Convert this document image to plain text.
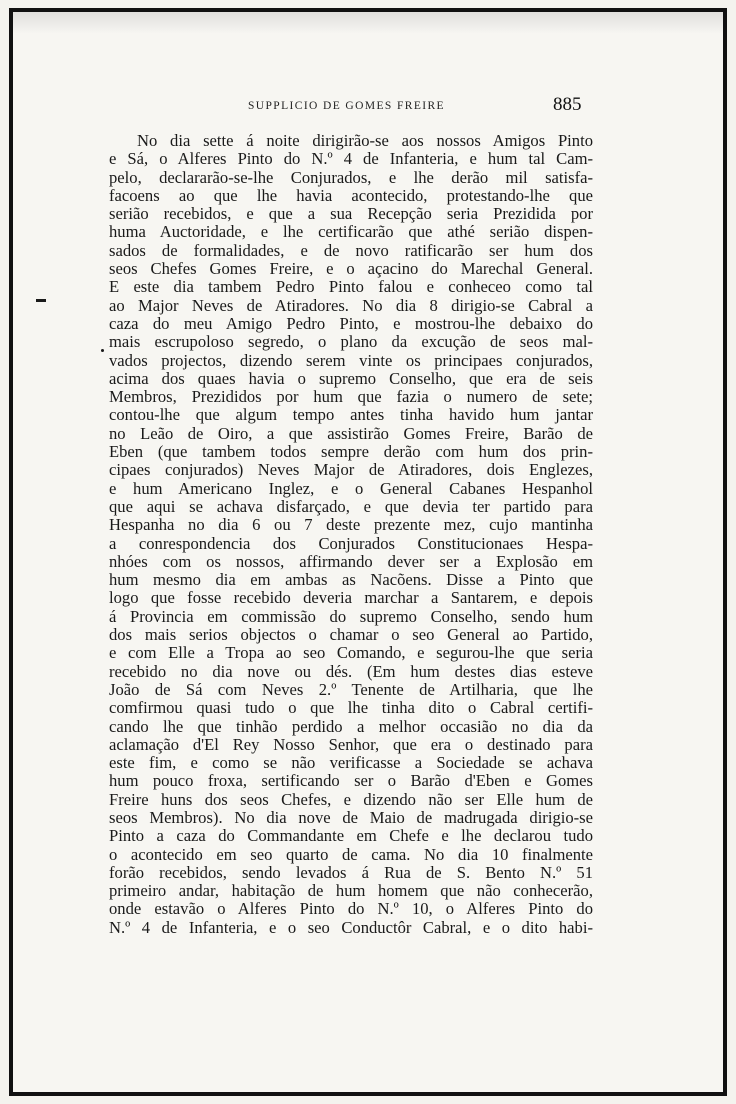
SUPPLICIO DE GOMES FREIRE	885
No dia sette á noite dirigirão-se aos nossos Amigos Pinto
e Sá, o Alferes Pinto do N.º 4 de Infanteria, e hum tal Cam-
pelo, declararão-se-lhe Conjurados, e lhe derão mil satisfa-
facoens ao que lhe havia acontecido, protestando-lhe que
serião recebidos, e que a sua Recepção seria Prezidida por
huma Auctoridade, e lhe certificarão que athé serião dispen-
sados de formalidades, e de novo ratificarão ser hum dos
seos Chefes Gomes Freire, e o açacino do Marechal General.
E este dia tambem Pedro Pinto falou e conheceo como tal
ao Major Neves de Atiradores. No dia 8 dirigio-se Cabral a
caza do meu Amigo Pedro Pinto, e mostrou-lhe debaixo do
mais escrupoloso segredo, o plano da excução de seos mal-
vados projectos, dizendo serem vinte os principaes conjurados,
acima dos quaes havia o supremo Conselho, que era de seis
Membros, Prezididos por hum que fazia o numero de sete;
contou-lhe que algum tempo antes tinha havido hum jantar
no Leão de Oiro, a que assistirão Gomes Freire, Barão de
Eben (que tambem todos sempre derão com hum dos prin-
cipaes conjurados) Neves Major de Atiradores, dois Englezes,
e hum Americano Inglez, e o General Cabanes Hespanhol
que aqui se achava disfarçado, e que devia ter partido para
Hespanha no dia 6 ou 7 deste prezente mez, cujo mantinha
a conrespondencia dos Conjurados Constitucionaes Hespa-
nhóes com os nossos, affirmando dever ser a Explosão em
hum mesmo dia em ambas as Nacõens. Disse a Pinto que
logo que fosse recebido deveria marchar a Santarem, e depois
á Provincia em commissão do supremo Conselho, sendo hum
dos mais serios objectos o chamar o seo General ao Partido,
e com Elle a Tropa ao seo Comando, e segurou-lhe que seria
recebido no dia nove ou dés. (Em hum destes dias esteve
João de Sá com Neves 2.º Tenente de Artilharia, que lhe
comfirmou quasi tudo o que lhe tinha dito o Cabral certifi-
cando lhe que tinhão perdido a melhor occasião no dia da
aclamação d'El Rey Nosso Senhor, que era o destinado para
este fim, e como se não verificasse a Sociedade se achava
hum pouco froxa, sertificando ser o Barão d'Eben e Gomes
Freire huns dos seos Chefes, e dizendo não ser Elle hum de
seos Membros). No dia nove de Maio de madrugada dirigio-se
Pinto a caza do Commandante em Chefe e lhe declarou tudo
o acontecido em seo quarto de cama. No dia 10 finalmente
forão recebidos, sendo levados á Rua de S. Bento N.º 51
primeiro andar, habitação de hum homem que não conhecerão,
onde estavão o Alferes Pinto do N.º 10, o Alferes Pinto do
N.º 4 de Infanteria, e o seo Conductôr Cabral, e o dito habi-
